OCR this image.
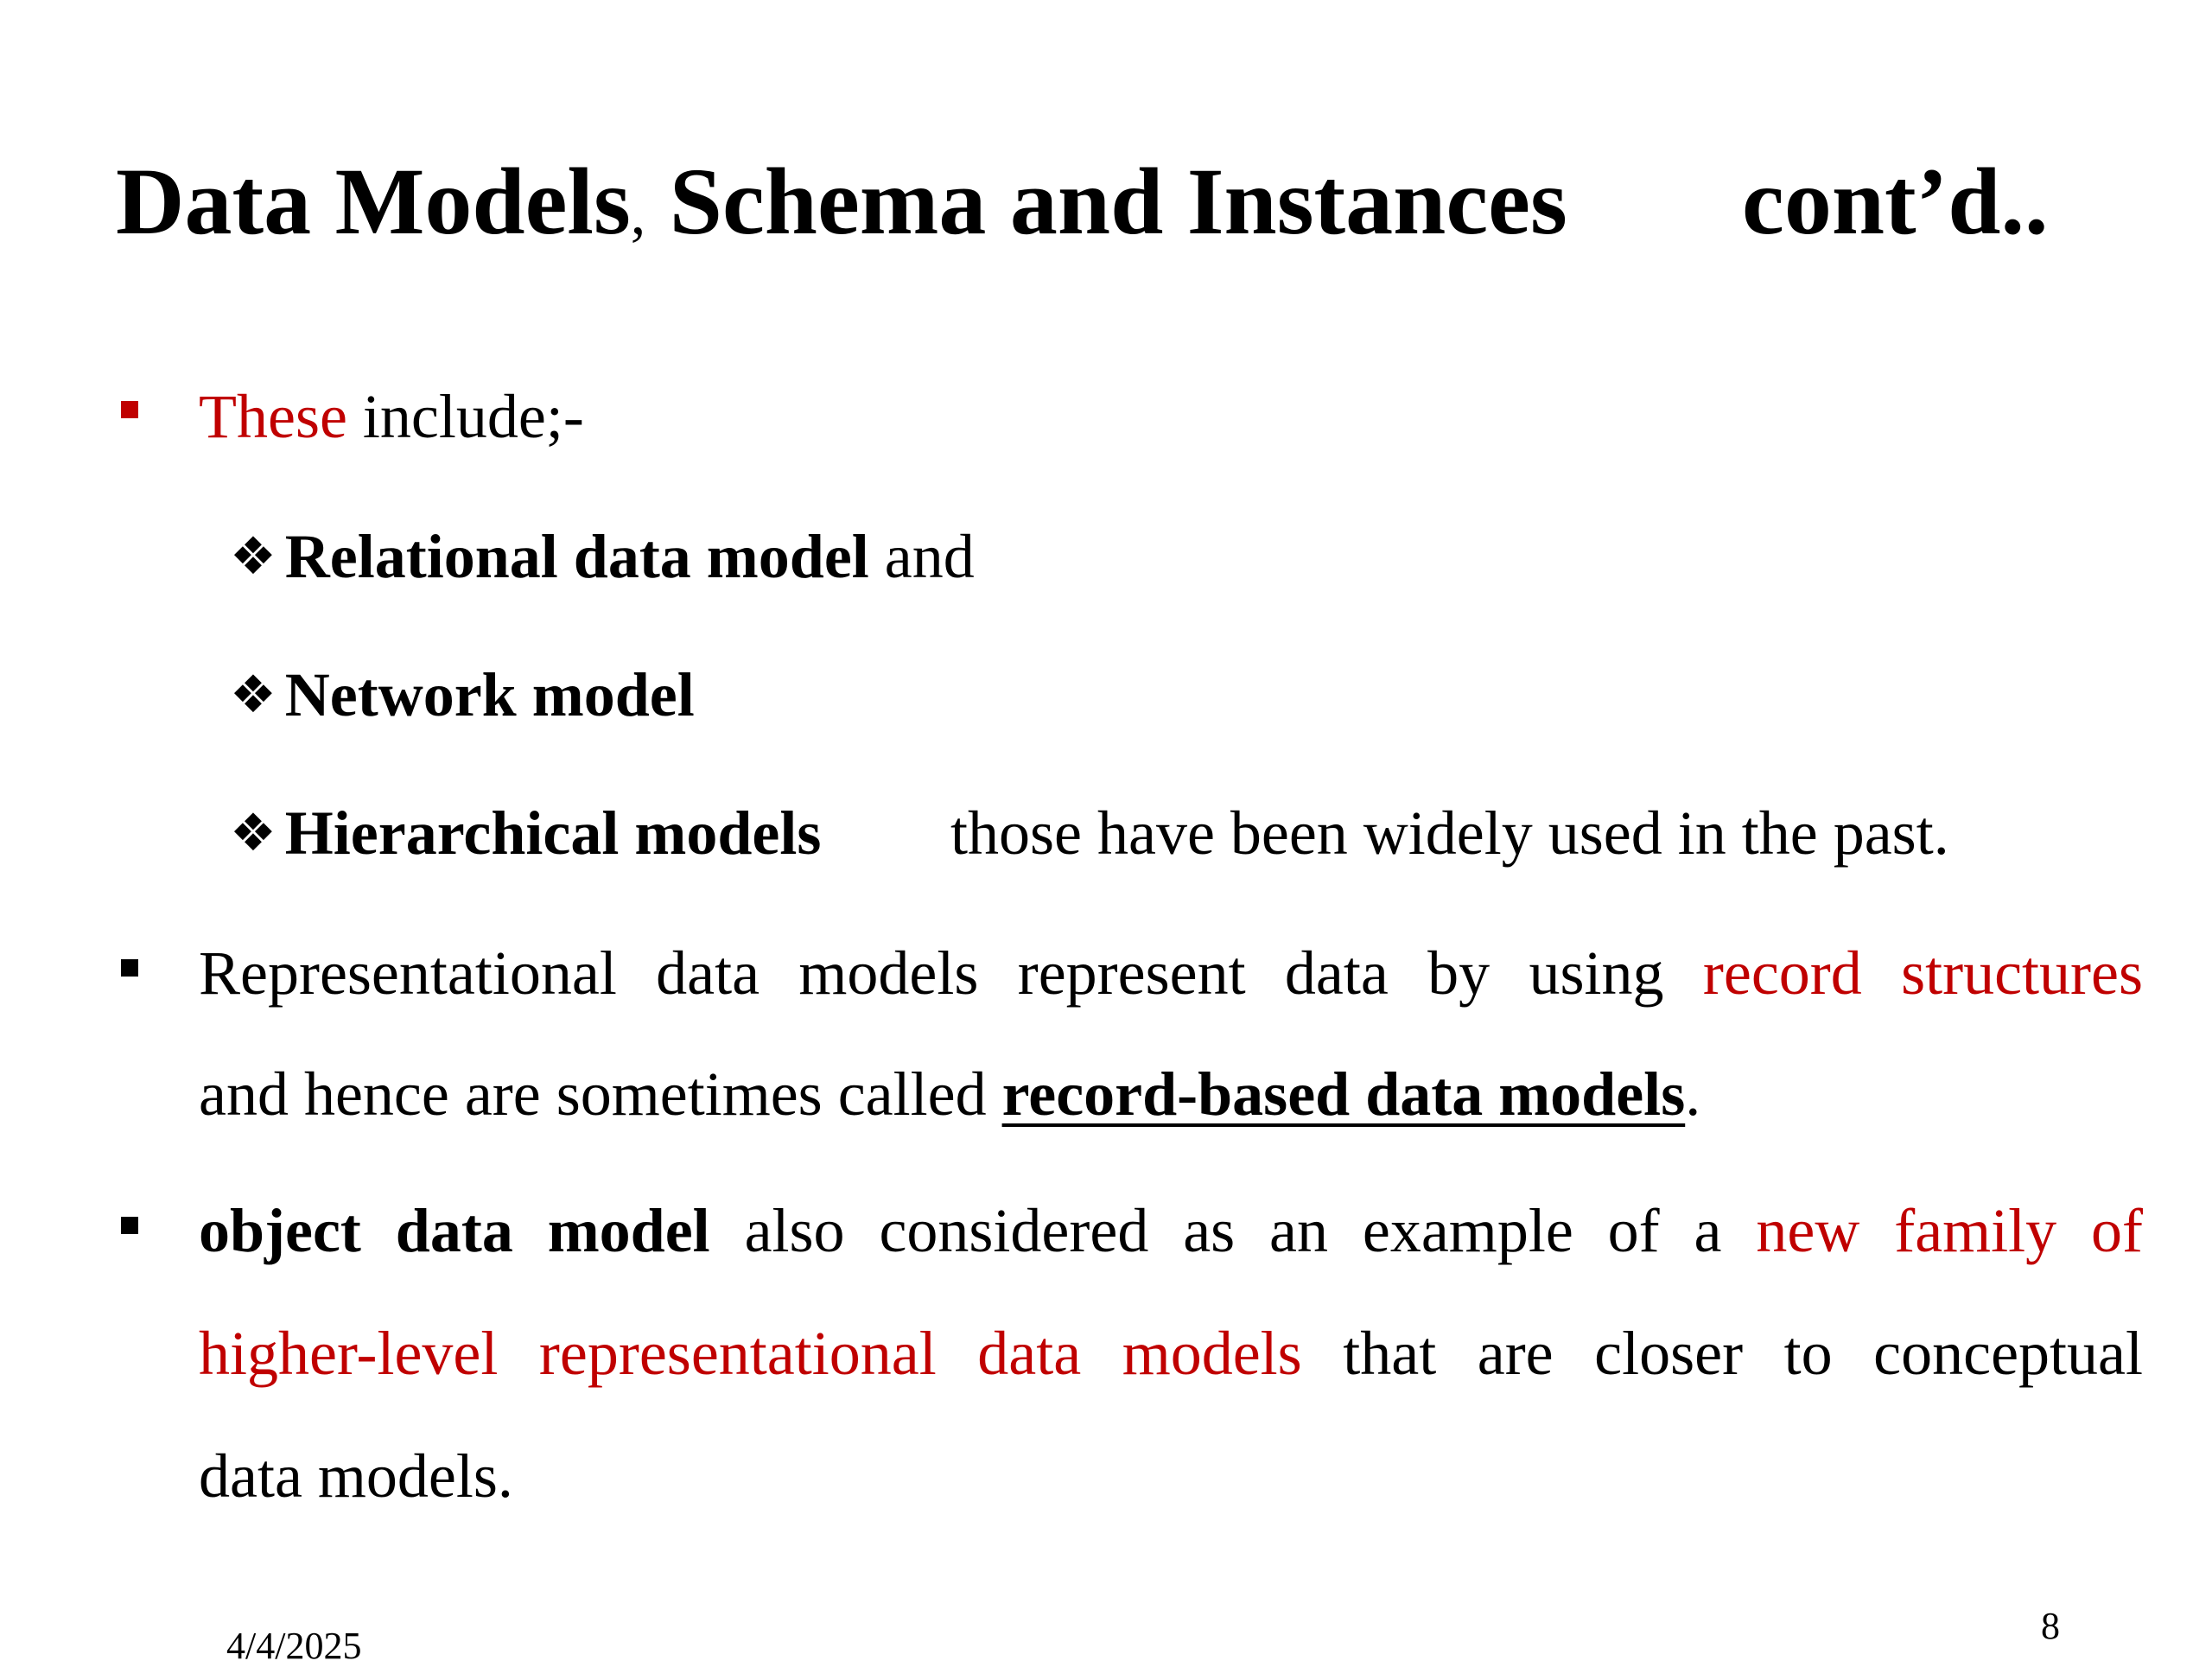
Data Models, Schema and Instances cont’d..
These include;-
❖ Relational data model and
❖ Network model
❖ Hierarchical models those have been widely used in the past.
Representational data models represent data by using record structures
and hence are sometimes called record-based data models.
object data model also considered as an example of a new family of
higher-level representational data models that are closer to conceptual
data models.
4/4/2025	8
